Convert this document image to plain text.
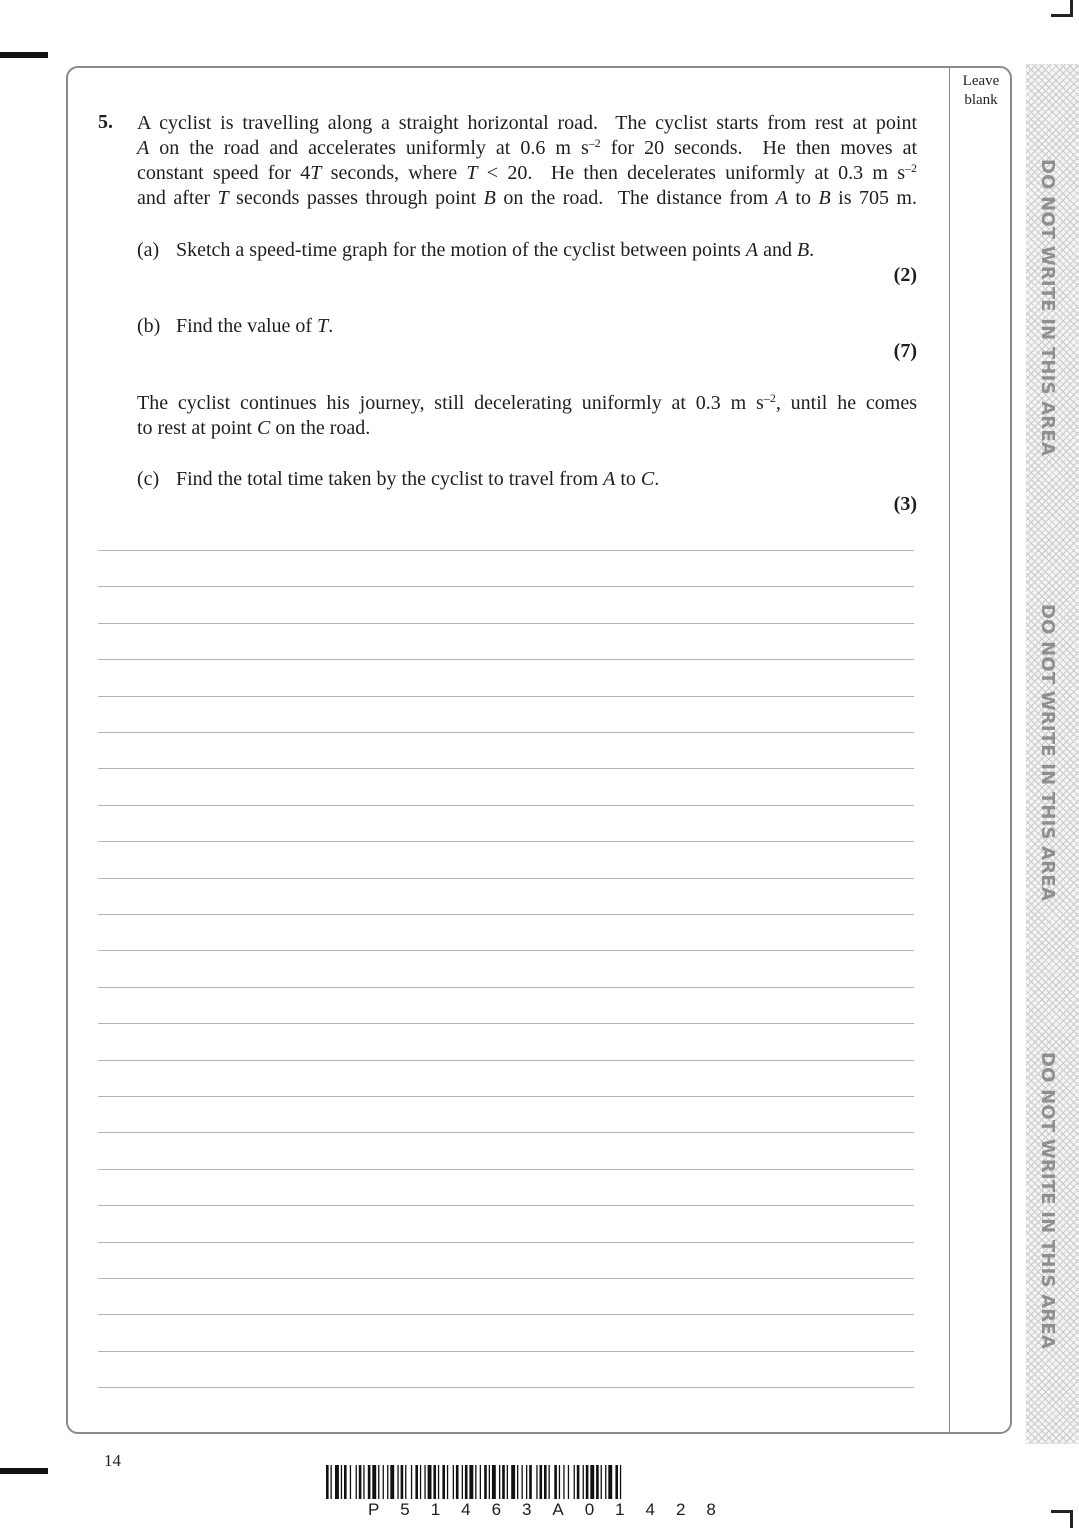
Leave
blank
DO NOT WRITE IN THIS AREA
DO NOT WRITE IN THIS AREA
DO NOT WRITE IN THIS AREA
5. A cyclist is travelling along a straight horizontal road.  The cyclist starts from rest at point
A on the road and accelerates uniformly at 0.6 m $s^{-2}$ for 20 seconds.  He then moves at
constant speed for 4T seconds, where T < 20.  He then decelerates uniformly at 0.3 m $s^{-2}$
and after T seconds passes through point B on the road.  The distance from A to B is 705 m.
(a) Sketch a speed-time graph for the motion of the cyclist between points A and B.
(2)
(b) Find the value of T.
(7)
The cyclist continues his journey, still decelerating uniformly at 0.3 m $s^{-2}$, until he comes
to rest at point C on the road.
(c) Find the total time taken by the cyclist to travel from A to C.
(3)
14
P 5 1 4 6 3 A 0 1 4 2 8
